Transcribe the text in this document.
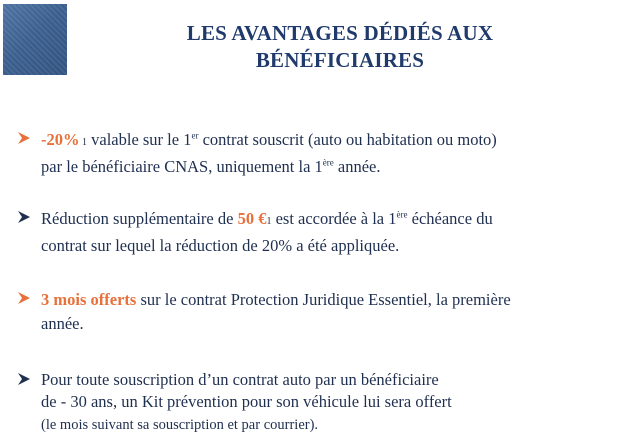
LES AVANTAGES DÉDIÉS AUX
BÉNÉFICIAIRES
-20% 1 valable sur le 1er contrat souscrit (auto ou habitation ou moto)
par le bénéficiaire CNAS, uniquement la 1ère année.
Réduction supplémentaire de 50 €1 est accordée à la 1ère échéance du
contrat sur lequel la réduction de 20% a été appliquée.
3 mois offerts sur le contrat Protection Juridique Essentiel, la première
année.
Pour toute souscription d’un contrat auto par un bénéficiaire
de - 30 ans, un Kit prévention pour son véhicule lui sera offert
(le mois suivant sa souscription et par courrier).
